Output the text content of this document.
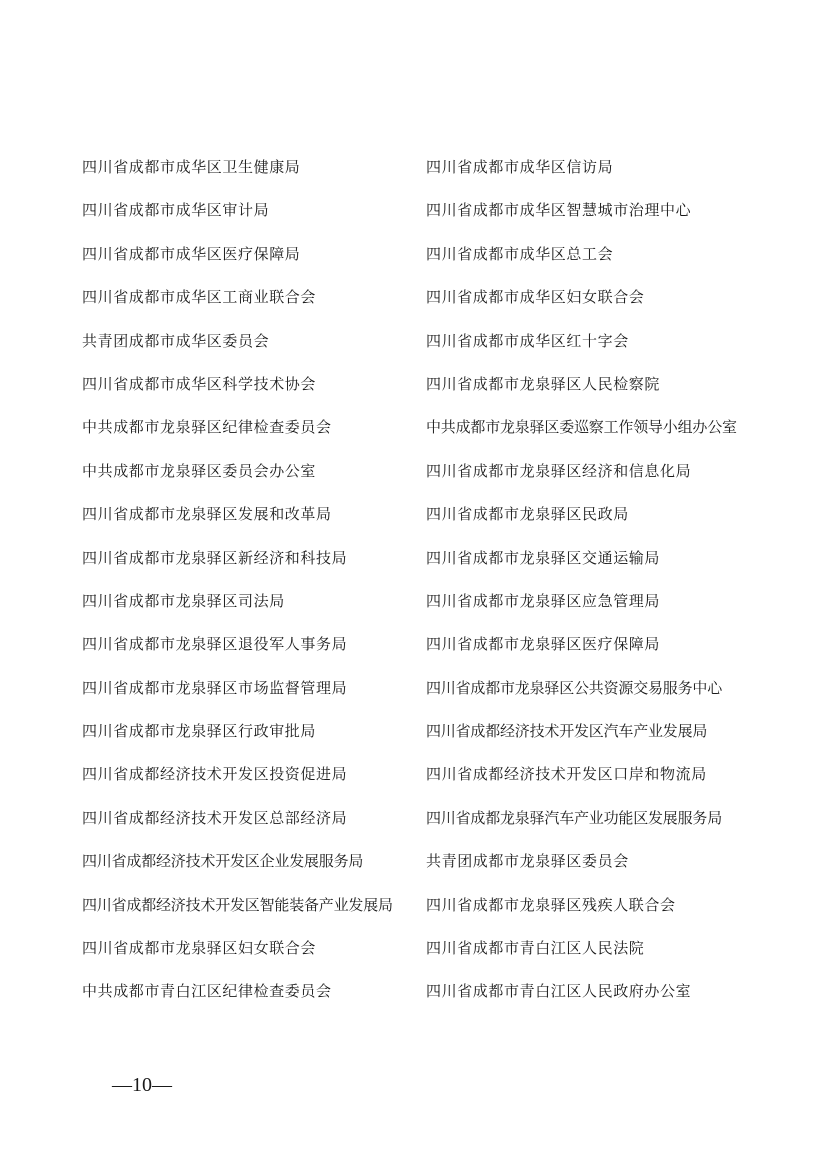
四川省成都市成华区卫生健康局	四川省成都市成华区信访局
四川省成都市成华区审计局	四川省成都市成华区智慧城市治理中心
四川省成都市成华区医疗保障局	四川省成都市成华区总工会
四川省成都市成华区工商业联合会	四川省成都市成华区妇女联合会
共青团成都市成华区委员会	四川省成都市成华区红十字会
四川省成都市成华区科学技术协会	四川省成都市龙泉驿区人民检察院
中共成都市龙泉驿区纪律检查委员会	中共成都市龙泉驿区委巡察工作领导小组办公室
中共成都市龙泉驿区委员会办公室	四川省成都市龙泉驿区经济和信息化局
四川省成都市龙泉驿区发展和改革局	四川省成都市龙泉驿区民政局
四川省成都市龙泉驿区新经济和科技局	四川省成都市龙泉驿区交通运输局
四川省成都市龙泉驿区司法局	四川省成都市龙泉驿区应急管理局
四川省成都市龙泉驿区退役军人事务局	四川省成都市龙泉驿区医疗保障局
四川省成都市龙泉驿区市场监督管理局	四川省成都市龙泉驿区公共资源交易服务中心
四川省成都市龙泉驿区行政审批局	四川省成都经济技术开发区汽车产业发展局
四川省成都经济技术开发区投资促进局	四川省成都经济技术开发区口岸和物流局
四川省成都经济技术开发区总部经济局	四川省成都龙泉驿汽车产业功能区发展服务局
四川省成都经济技术开发区企业发展服务局	共青团成都市龙泉驿区委员会
四川省成都经济技术开发区智能装备产业发展局	四川省成都市龙泉驿区残疾人联合会
四川省成都市龙泉驿区妇女联合会	四川省成都市青白江区人民法院
中共成都市青白江区纪律检查委员会	四川省成都市青白江区人民政府办公室
—10—
